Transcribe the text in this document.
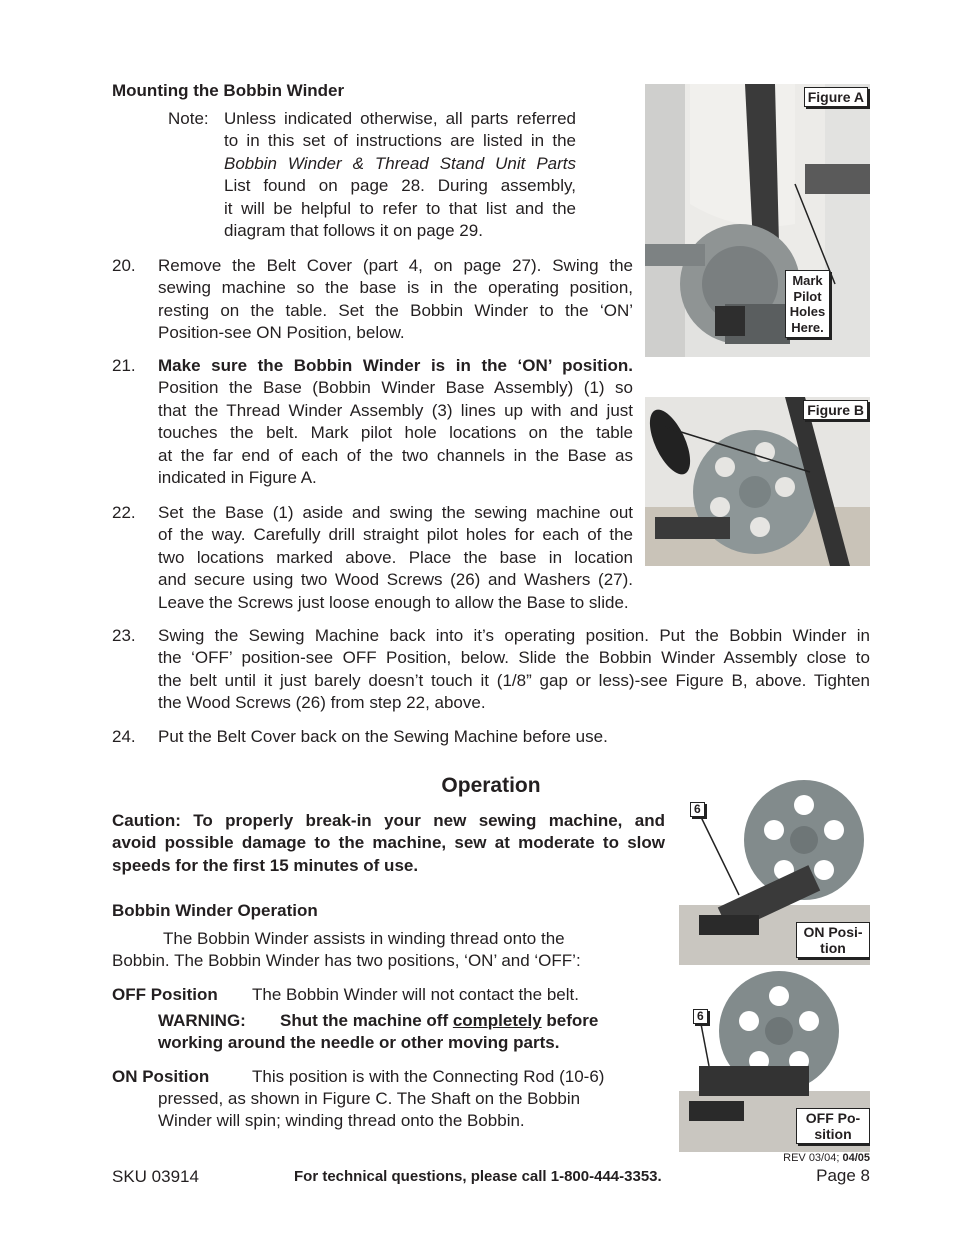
Mounting the Bobbin Winder
Note: Unless indicated otherwise, all parts referred
to in this set of instructions are listed in the
Bobbin Winder & Thread Stand Unit Parts
List found on page 28. During assembly,
it will be helpful to refer to that list and the
diagram that follows it on page 29.
20. Remove the Belt Cover (part 4, on page 27). Swing the
sewing machine so the base is in the operating position,
resting on the table. Set the Bobbin Winder to the ‘ON’
Position-see ON Position, below.
21. Make sure the Bobbin Winder is in the ‘ON’ position.
Position the Base (Bobbin Winder Base Assembly) (1) so
that the Thread Winder Assembly (3) lines up with and just
touches the belt. Mark pilot hole locations on the table
at the far end of each of the two channels in the Base as
indicated in Figure A.
22. Set the Base (1) aside and swing the sewing machine out
of the way. Carefully drill straight pilot holes for each of the
two locations marked above. Place the base in location
and secure using two Wood Screws (26) and Washers (27).
Leave the Screws just loose enough to allow the Base to slide.
23. Swing the Sewing Machine back into it’s operating position. Put the Bobbin Winder in
the ‘OFF’ position-see OFF Position, below. Slide the Bobbin Winder Assembly close to
the belt until it just barely doesn’t touch it (1/8” gap or less)-see Figure B, above. Tighten
the Wood Screws (26) from step 22, above.
24. Put the Belt Cover back on the Sewing Machine before use.
Operation
Caution: To properly break-in your new sewing machine, and
avoid possible damage to the machine, sew at moderate to slow
speeds for the first 15 minutes of use.
Bobbin Winder Operation
The Bobbin Winder assists in winding thread onto the
Bobbin. The Bobbin Winder has two positions, ‘ON’ and ‘OFF’:
OFF Position The Bobbin Winder will not contact the belt.
WARNING: Shut the machine off completely before
working around the needle or other moving parts.
ON Position	This position is with the Connecting Rod (10-6)
pressed, as shown in Figure C. The Shaft on the Bobbin
Winder will spin; winding thread onto the Bobbin.
Figure A
Mark
Pilot
Holes
Here.
Figure B
6
ON Posi-
tion
6
OFF Po-
sition
REV 03/04; 04/05
SKU 03914	For technical questions, please call 1-800-444-3353.	Page 8
